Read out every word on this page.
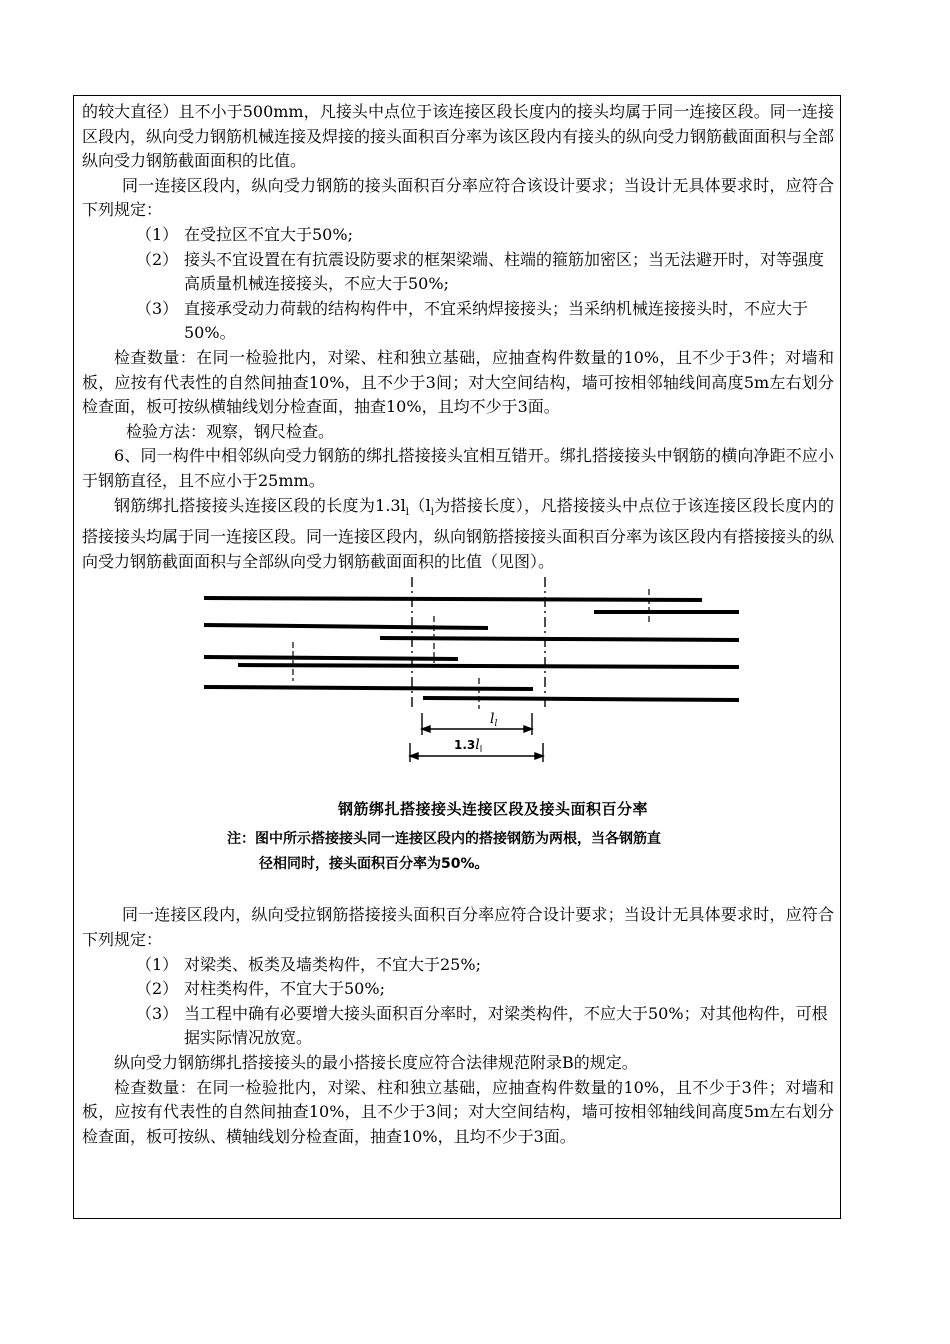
的较大直径）且不小于500mm，凡接头中点位于该连接区段长度内的接头均属于同一连接区段。同一连接区段内，纵向受力钢筋机械连接及焊接的接头面积百分率为该区段内有接头的纵向受力钢筋截面面积与全部纵向受力钢筋截面面积的比值。

同一连接区段内，纵向受力钢筋的接头面积百分率应符合该设计要求；当设计无具体要求时，应符合下列规定：

（1） 在受拉区不宜大于50%;
（2） 接头不宜设置在有抗震设防要求的框架梁端、柱端的箍筋加密区；当无法避开时，对等强度高质量机械连接接头，不应大于50%;
（3） 直接承受动力荷载的结构构件中，不宜采纳焊接接头；当采纳机械连接接头时，不应大于50%。

检查数量：在同一检验批内，对梁、柱和独立基础，应抽查构件数量的10%，且不少于3件；对墙和板，应按有代表性的自然间抽查10%，且不少于3间；对大空间结构，墙可按相邻轴线间高度5m左右划分检查面，板可按纵横轴线划分检查面，抽查10%，且均不少于3面。

检验方法：观察，钢尺检查。

6、同一构件中相邻纵向受力钢筋的绑扎搭接接头宜相互错开。绑扎搭接接头中钢筋的横向净距不应小于钢筋直径，且不应小于25mm。

钢筋绑扎搭接接头连接区段的长度为$1.3l_l(l_l$为搭接长度），凡搭接接头中点位于该连接区段长度内的搭接接头均属于同一连接区段。同一连接区段内，纵向钢筋搭接接头面积百分率为该区段内有搭接接头的纵向受力钢筋截面面积与全部纵向受力钢筋截面面积的比值（见图）。

$l_l$
$1.3l_l$
钢筋绑扎搭接接头连接区段及接头面积百分率
注：图中所示搭接接头同一连接区段内的搭接钢筋为两根，当各钢筋直
径相同时，接头面积百分率为50%。

同一连接区段内，纵向受拉钢筋搭接接头面积百分率应符合设计要求；当设计无具体要求时，应符合下列规定：

（1） 对梁类、板类及墙类构件，不宜大于25%;
（2） 对柱类构件，不宜大于50%;
（3） 当工程中确有必要增大接头面积百分率时，对梁类构件，不应大于50%；对其他构件，可根据实际情况放宽。

纵向受力钢筋绑扎搭接接头的最小搭接长度应符合法律规范附录B的规定。

检查数量：在同一检验批内，对梁、柱和独立基础，应抽查构件数量的10%，且不少于3件；对墙和板，应按有代表性的自然间抽查10%，且不少于3间；对大空间结构，墙可按相邻轴线间高度5m左右划分检查面，板可按纵、横轴线划分检查面，抽查10%，且均不少于3面。
